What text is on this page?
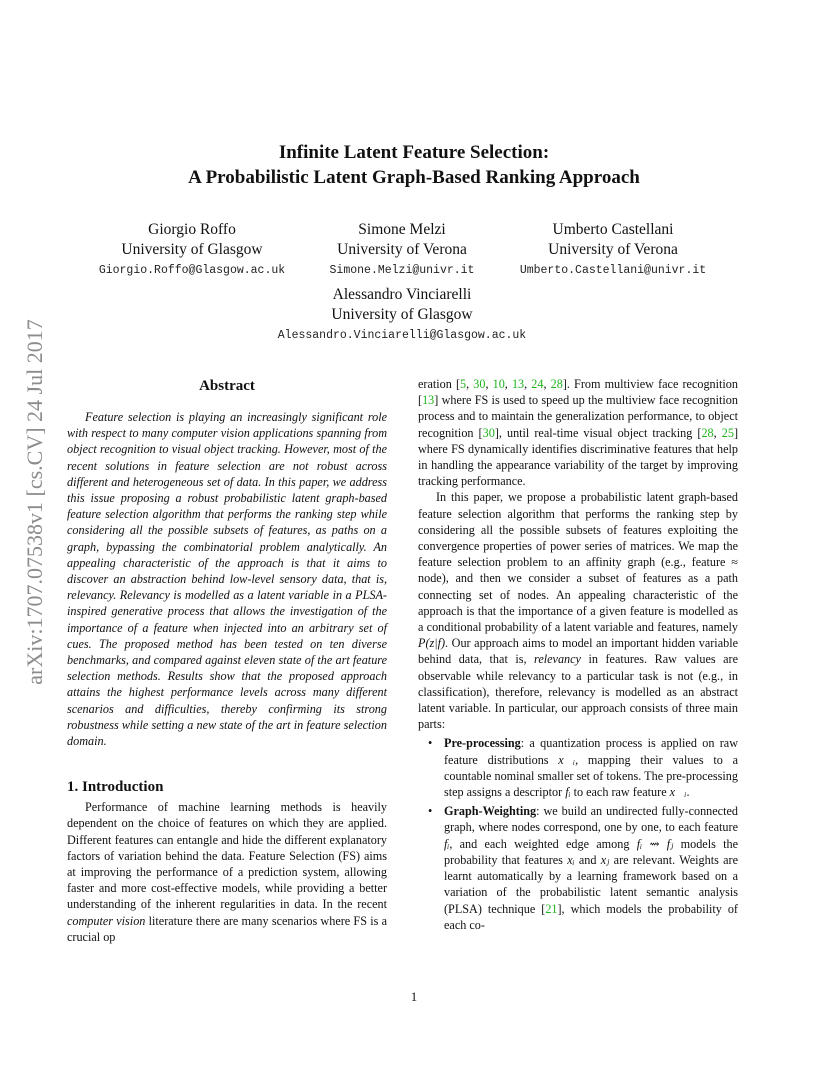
Infinite Latent Feature Selection:
A Probabilistic Latent Graph-Based Ranking Approach
Giorgio Roffo
University of Glasgow
Giorgio.Roffo@Glasgow.ac.uk
Simone Melzi
University of Verona
Simone.Melzi@univr.it
Umberto Castellani
University of Verona
Umberto.Castellani@univr.it
Alessandro Vinciarelli
University of Glasgow
Alessandro.Vinciarelli@Glasgow.ac.uk
arXiv:1707.07538v1 [cs.CV] 24 Jul 2017	Abstract

Feature selection is playing an increasingly significant role with respect to many computer vision applications spanning from object recognition to visual object tracking. However, most of the recent solutions in feature selection are not robust across different and heterogeneous set of data. In this paper, we address this issue proposing a robust probabilistic latent graph-based feature selection algorithm that performs the ranking step while considering all the possible subsets of features, as paths on a graph, bypassing the combinatorial problem analytically. An appealing characteristic of the approach is that it aims to discover an abstraction behind low-level sensory data, that is, relevancy. Relevancy is modelled as a latent variable in a PLSA-inspired generative process that allows the investigation of the importance of a feature when injected into an arbitrary set of cues. The proposed method has been tested on ten diverse benchmarks, and compared against eleven state of the art feature selection methods. Results show that the proposed approach attains the highest performance levels across many different scenarios and difficulties, thereby confirming its strong robustness while setting a new state of the art in feature selection domain.

1. Introduction

Performance of machine learning methods is heavily dependent on the choice of features on which they are applied. Different features can entangle and hide the different explanatory factors of variation behind the data. Feature Selection (FS) aims at improving the performance of a prediction system, allowing faster and more cost-effective models, while providing a better understanding of the inherent regularities in data. In the recent computer vision literature there are many scenarios where FS is a crucial op

eration [5, 30, 10, 13, 24, 28]. From multiview face recognition [13] where FS is used to speed up the multiview face recognition process and to maintain the generalization performance, to object recognition [30], until real-time visual object tracking [28, 25] where FS dynamically identifies discriminative features that help in handling the appearance variability of the target by improving tracking performance.

In this paper, we propose a probabilistic latent graph-based feature selection algorithm that performs the ranking step by considering all the possible subsets of features exploiting the convergence properties of power series of matrices. We map the feature selection problem to an affinity graph (e.g., feature ≈ node), and then we consider a subset of features as a path connecting set of nodes. An appealing characteristic of the approach is that the importance of a given feature is modelled as a conditional probability of a latent variable and features, namely P(z|f). Our approach aims to model an important hidden variable behind data, that is, relevancy in features. Raw values are observable while relevancy to a particular task is not (e.g., in classification), therefore, relevancy is modelled as an abstract latent variable. In particular, our approach consists of three main parts:

• Pre-processing: a quantization process is applied on raw feature distributions x⃗ᵢ, mapping their values to a countable nominal smaller set of tokens. The pre-processing step assigns a descriptor fᵢ to each raw feature x⃗ᵢ.
• Graph-Weighting: we build an undirected fully-connected graph, where nodes correspond, one by one, to each feature fᵢ, and each weighted edge among fᵢ ⇝ fⱼ models the probability that features xᵢ and xⱼ are relevant. Weights are learnt automatically by a learning framework based on a variation of the probabilistic latent semantic analysis (PLSA) technique [21], which models the probability of each co-
1
